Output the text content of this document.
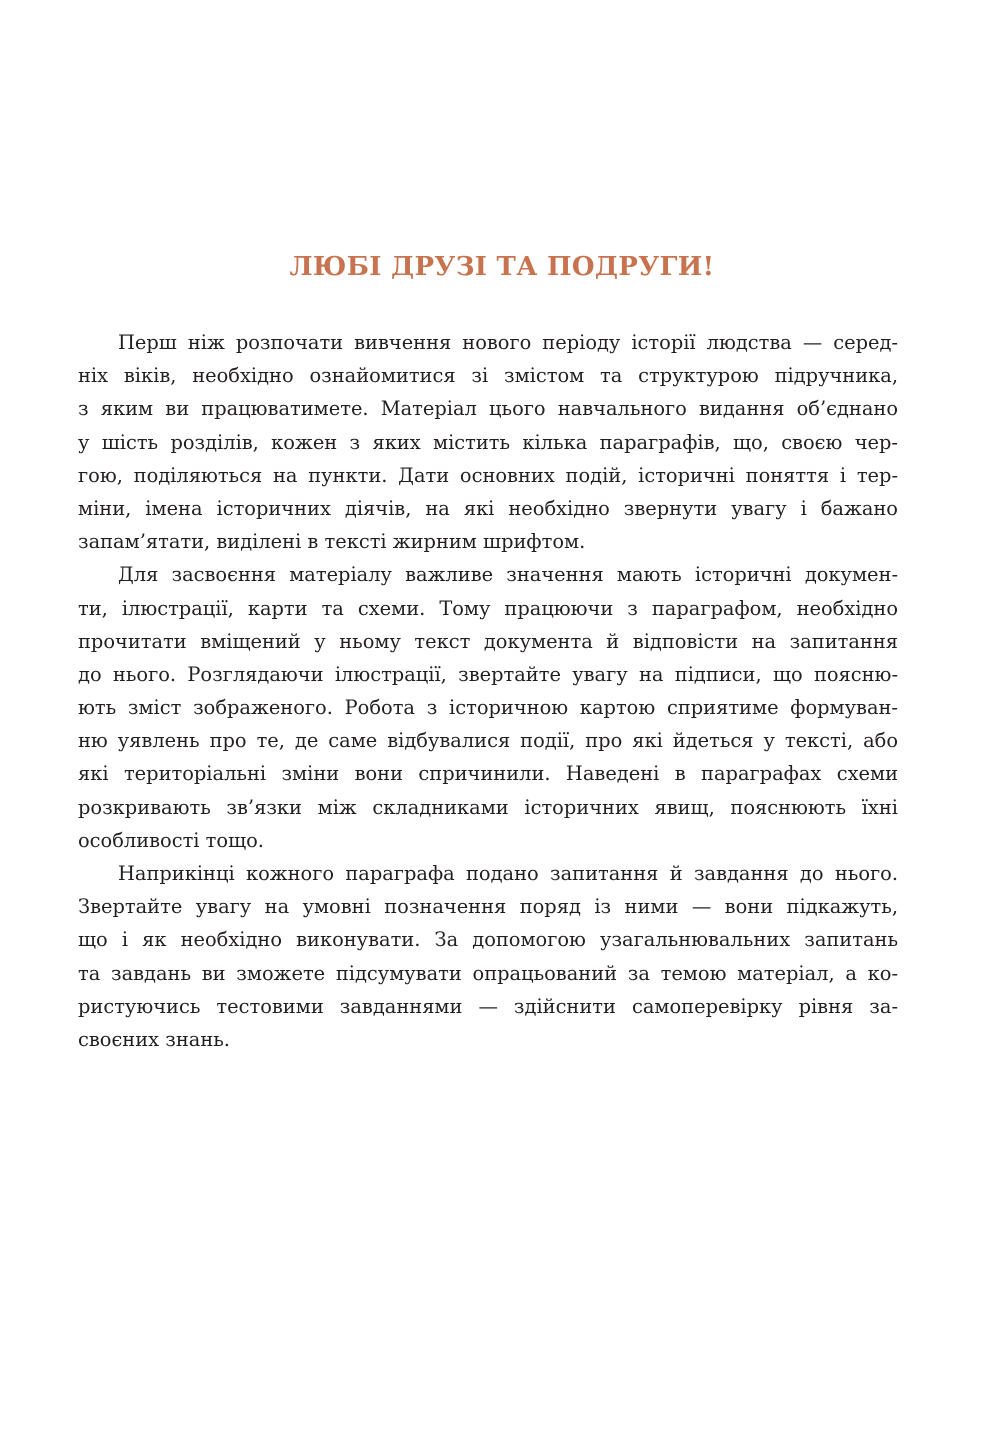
ЛЮБІ ДРУЗІ ТА ПОДРУГИ!

Перш ніж розпочати вивчення нового періоду історії людства — серед-
ніх віків, необхідно ознайомитися зі змістом та структурою підручника,
з яким ви працюватимете. Матеріал цього навчального видання об’єднано
у шість розділів, кожен з яких містить кілька параграфів, що, своєю чер-
гою, поділяються на пункти. Дати основних подій, історичні поняття і тер-
міни, імена історичних діячів, на які необхідно звернути увагу і бажано
запам’ятати, виділені в тексті жирним шрифтом.

Для засвоєння матеріалу важливе значення мають історичні докумен-
ти, ілюстрації, карти та схеми. Тому працюючи з параграфом, необхідно
прочитати вміщений у ньому текст документа й відповісти на запитання
до нього. Розглядаючи ілюстрації, звертайте увагу на підписи, що поясню-
ють зміст зображеного. Робота з історичною картою сприятиме формуван-
ню уявлень про те, де саме відбувалися події, про які йдеться у тексті, або
які територіальні зміни вони спричинили. Наведені в параграфах схеми
розкривають зв’язки між складниками історичних явищ, пояснюють їхні
особливості тощо.

Наприкінці кожного параграфа подано запитання й завдання до нього.
Звертайте увагу на умовні позначення поряд із ними — вони підкажуть,
що і як необхідно виконувати. За допомогою узагальнювальних запитань
та завдань ви зможете підсумувати опрацьований за темою матеріал, а ко-
ристуючись тестовими завданнями — здійснити самоперевірку рівня за-
своєних знань.
